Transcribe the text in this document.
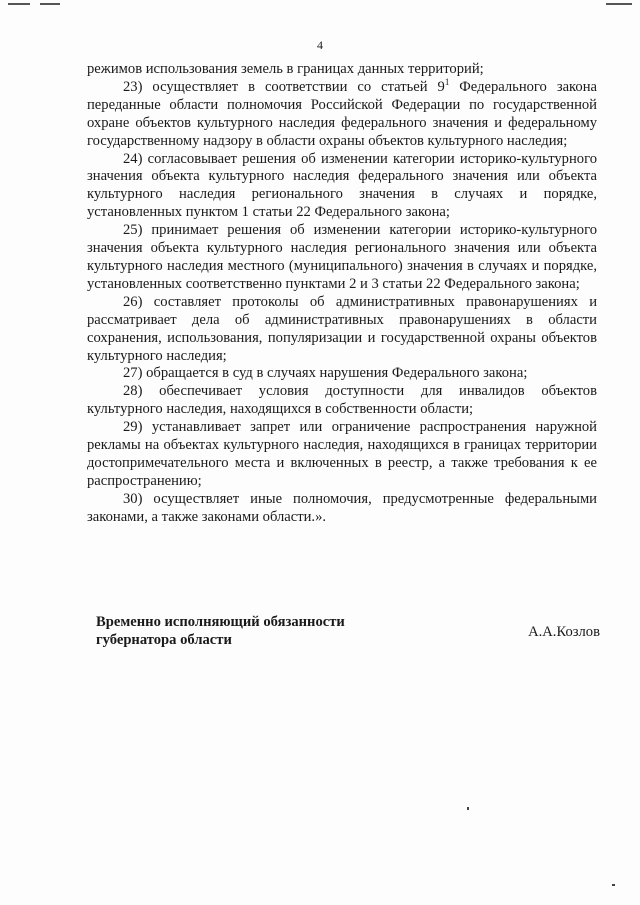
4

режимов использования земель в границах данных территорий;

23) осуществляет в соответствии со статьей $9^1$ Федерального закона переданные области полномочия Российской Федерации по государственной охране объектов культурного наследия федерального значения и федеральному государственному надзору в области охраны объектов культурного наследия;

24) согласовывает решения об изменении категории историко-культурного значения объекта культурного наследия федерального значения или объекта культурного наследия регионального значения в случаях и порядке, установленных пунктом 1 статьи 22 Федерального закона;

25) принимает решения об изменении категории историко-культурного значения объекта культурного наследия регионального значения или объекта культурного наследия местного (муниципального) значения в случаях и порядке, установленных соответственно пунктами 2 и 3 статьи 22 Федерального закона;

26) составляет протоколы об административных правонарушениях и рассматривает дела об административных правонарушениях в области сохранения, использования, популяризации и государственной охраны объектов культурного наследия;

27) обращается в суд в случаях нарушения Федерального закона;

28) обеспечивает условия доступности для инвалидов объектов культурного наследия, находящихся в собственности области;

29) устанавливает запрет или ограничение распространения наружной рекламы на объектах культурного наследия, находящихся в границах территории достопримечательного места и включенных в реестр, а также требования к ее распространению;

30) осуществляет иные полномочия, предусмотренные федеральными законами, а также законами области.».

Временно исполняющий обязанности
губернатора области	А.А.Козлов
